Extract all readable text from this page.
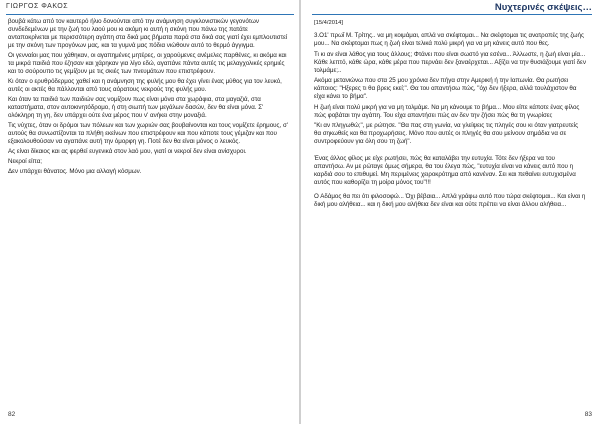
βουβά κάτω από τον καυτερό ήλιο δονούνται από την ανάμνηση συγκλονιστικών γεγονότων συνδεδεμένων με την ζωή του λαού μου κι ακόμη κι αυτή η σκόνη που πάνω της πατάτε ανταποκρίνεται με περισσότερη αγάπη στα δικά μας βήματα παρά στα δικά σας γιατί έχει εμπλουτιστεί με την σκόνη των προγόνων μας, και τα γυμνά μας πόδια νιώθουν αυτό το θερμό άγγιγμα.

Οι γενναίοι μας που χάθηκαν, οι αγαπημένες μητέρες, οι χαρούμενες ανέμελες παρθένες, κι ακόμα και τα μικρά παιδιά που έζησαν και χάρηκαν για λίγο εδώ, αγαπάνε πάντα αυτές τις μελαγχολικές ερημιές και το σούρουπο τις γεμίζουν με τις σκιές των πνευμάτων που επιστρέφουν.

Κι όταν ο ερυθρόδερμος χαθεί και η ανάμνηση της φυλής μου θα έχει γίνει ένας μύθος για τον λευκό, αυτές οι ακτές θα πάλλονται από τους αόρατους νεκρούς της φυλής μου.

Και όταν τα παιδιά των παιδιών σας νομίζουν πως είναι μόνα στα χωράφια, στα μαγαζιά, στα καταστήματα, στον αυτοκινητόδρομο, ή στη σιωπή των μεγάλων δασών, δεν θα είναι μόνα. Σ' ολόκληρη τη γη, δεν υπάρχει ούτε ένα μέρος που ν' ανήκει στην μοναξιά.

Τις νύχτες, όταν οι δρόμοι των πόλεων και των χωριών σας βουβαίνονται και τους νομίζετε έρημους, σ' αυτούς θα συνωστίζονται τα πλήθη εκείνων που επιστρέφουν και που κάποτε τους γέμιζαν και που εξακολουθούσαν να αγαπάνε αυτή την όμορφη γη. Ποτέ δεν θα είναι μόνος ο λευκός.

Ας είναι δίκαιος και ας φερθεί ευγενικά στον λαό μου, γιατί οι νεκροί δεν είναι ανίσχυροι.

Νεκροί είπα;

Δεν υπάρχει θάνατος. Μόνο μια αλλαγή κόσμων.

82
[15/4/2014]

3.Ο1' πρωΐ Μ. Τρίτης.. να μη κοιμάμαι, απλά να σκέφτομαι... Να σκέφτομαι τις ανατροπές της ζωής μου... Να σκέφτομαι πως η ζωή είναι τελικά πολύ μικρή για να μη κάνεις αυτό που θες.

Τι κι αν είναι λάθος για τους άλλους; Φτάνει που είναι σωστό για εσένα... Άλλωστε, η ζωή είναι μία... Κάθε λεπτό, κάθε ώρα, κάθε μέρα που περνάει δεν ξαναέρχεται... Αξίζει να την θυσιάζουμε γιατί δεν τολμάμε;..

Ακόμα μετανιώνω που στα 25 μου χρόνια δεν πήγα στην Αμερική ή την Ιαπωνία. Θα ρωτήσει κάποιος: "Ηξερες τι θα βρεις εκεί;". Θα του απαντήσω πώς, "όχι δεν ήξερα, αλλά τουλάχιστον θα είχα κάνει το βήμα".

Η ζωή είναι πολύ μικρή για να μη τολμάμε. Να μη κάνουμε το βήμα... Μου είπε κάποτε ένας φίλος πώς φοβάται την αγάπη. Του είχα απαντήσει πώς αν δεν την ζήσει πώς θα τη γνωρίσει;

"Κι αν πληγωθώ;", με ρώτησε. "Θα πας στη γωνία, να γλείψεις τις πληγές σου κι όταν γιατρευτείς θα σηκωθείς και θα προχωρήσεις. Μόνο που αυτές οι πληγές θα σου μείνουν σημάδια να σε συντροφεύουν για όλη σου τη ζωή".

Ένας άλλος φίλος με είχε ρωτήσει, πώς θα καταλάβει την ευτυχία. Τότε δεν ήξερα να του απαντήσω. Αν με ρώταγε όμως σήμερα, θα του έλεγα πώς, "ευτυχία είναι να κάνεις αυτό που η καρδιά σου το επιθυμεί. Μη περιμένεις χειροκρότημα από κανέναν. Σει και πεθαίνει ευτυχισμένα αυτός που καθορίζει τη μοίρα μόνος του"!!!

Ο Αδάμος θα πει ότι φιλοσοφώ... Όχι βέβαια... Απλά γράφω αυτό που τώρα σκέφτομαι... Και είναι η δική μου αλήθεια... και η δική μου αλήθεια δεν είναι και ούτε πρέπει να είναι άλλου αλήθεια...

83
ΓΙΩΡΓΟΣ ΦΑΚΟΣ	Νυχτερινές σκέψεις…
